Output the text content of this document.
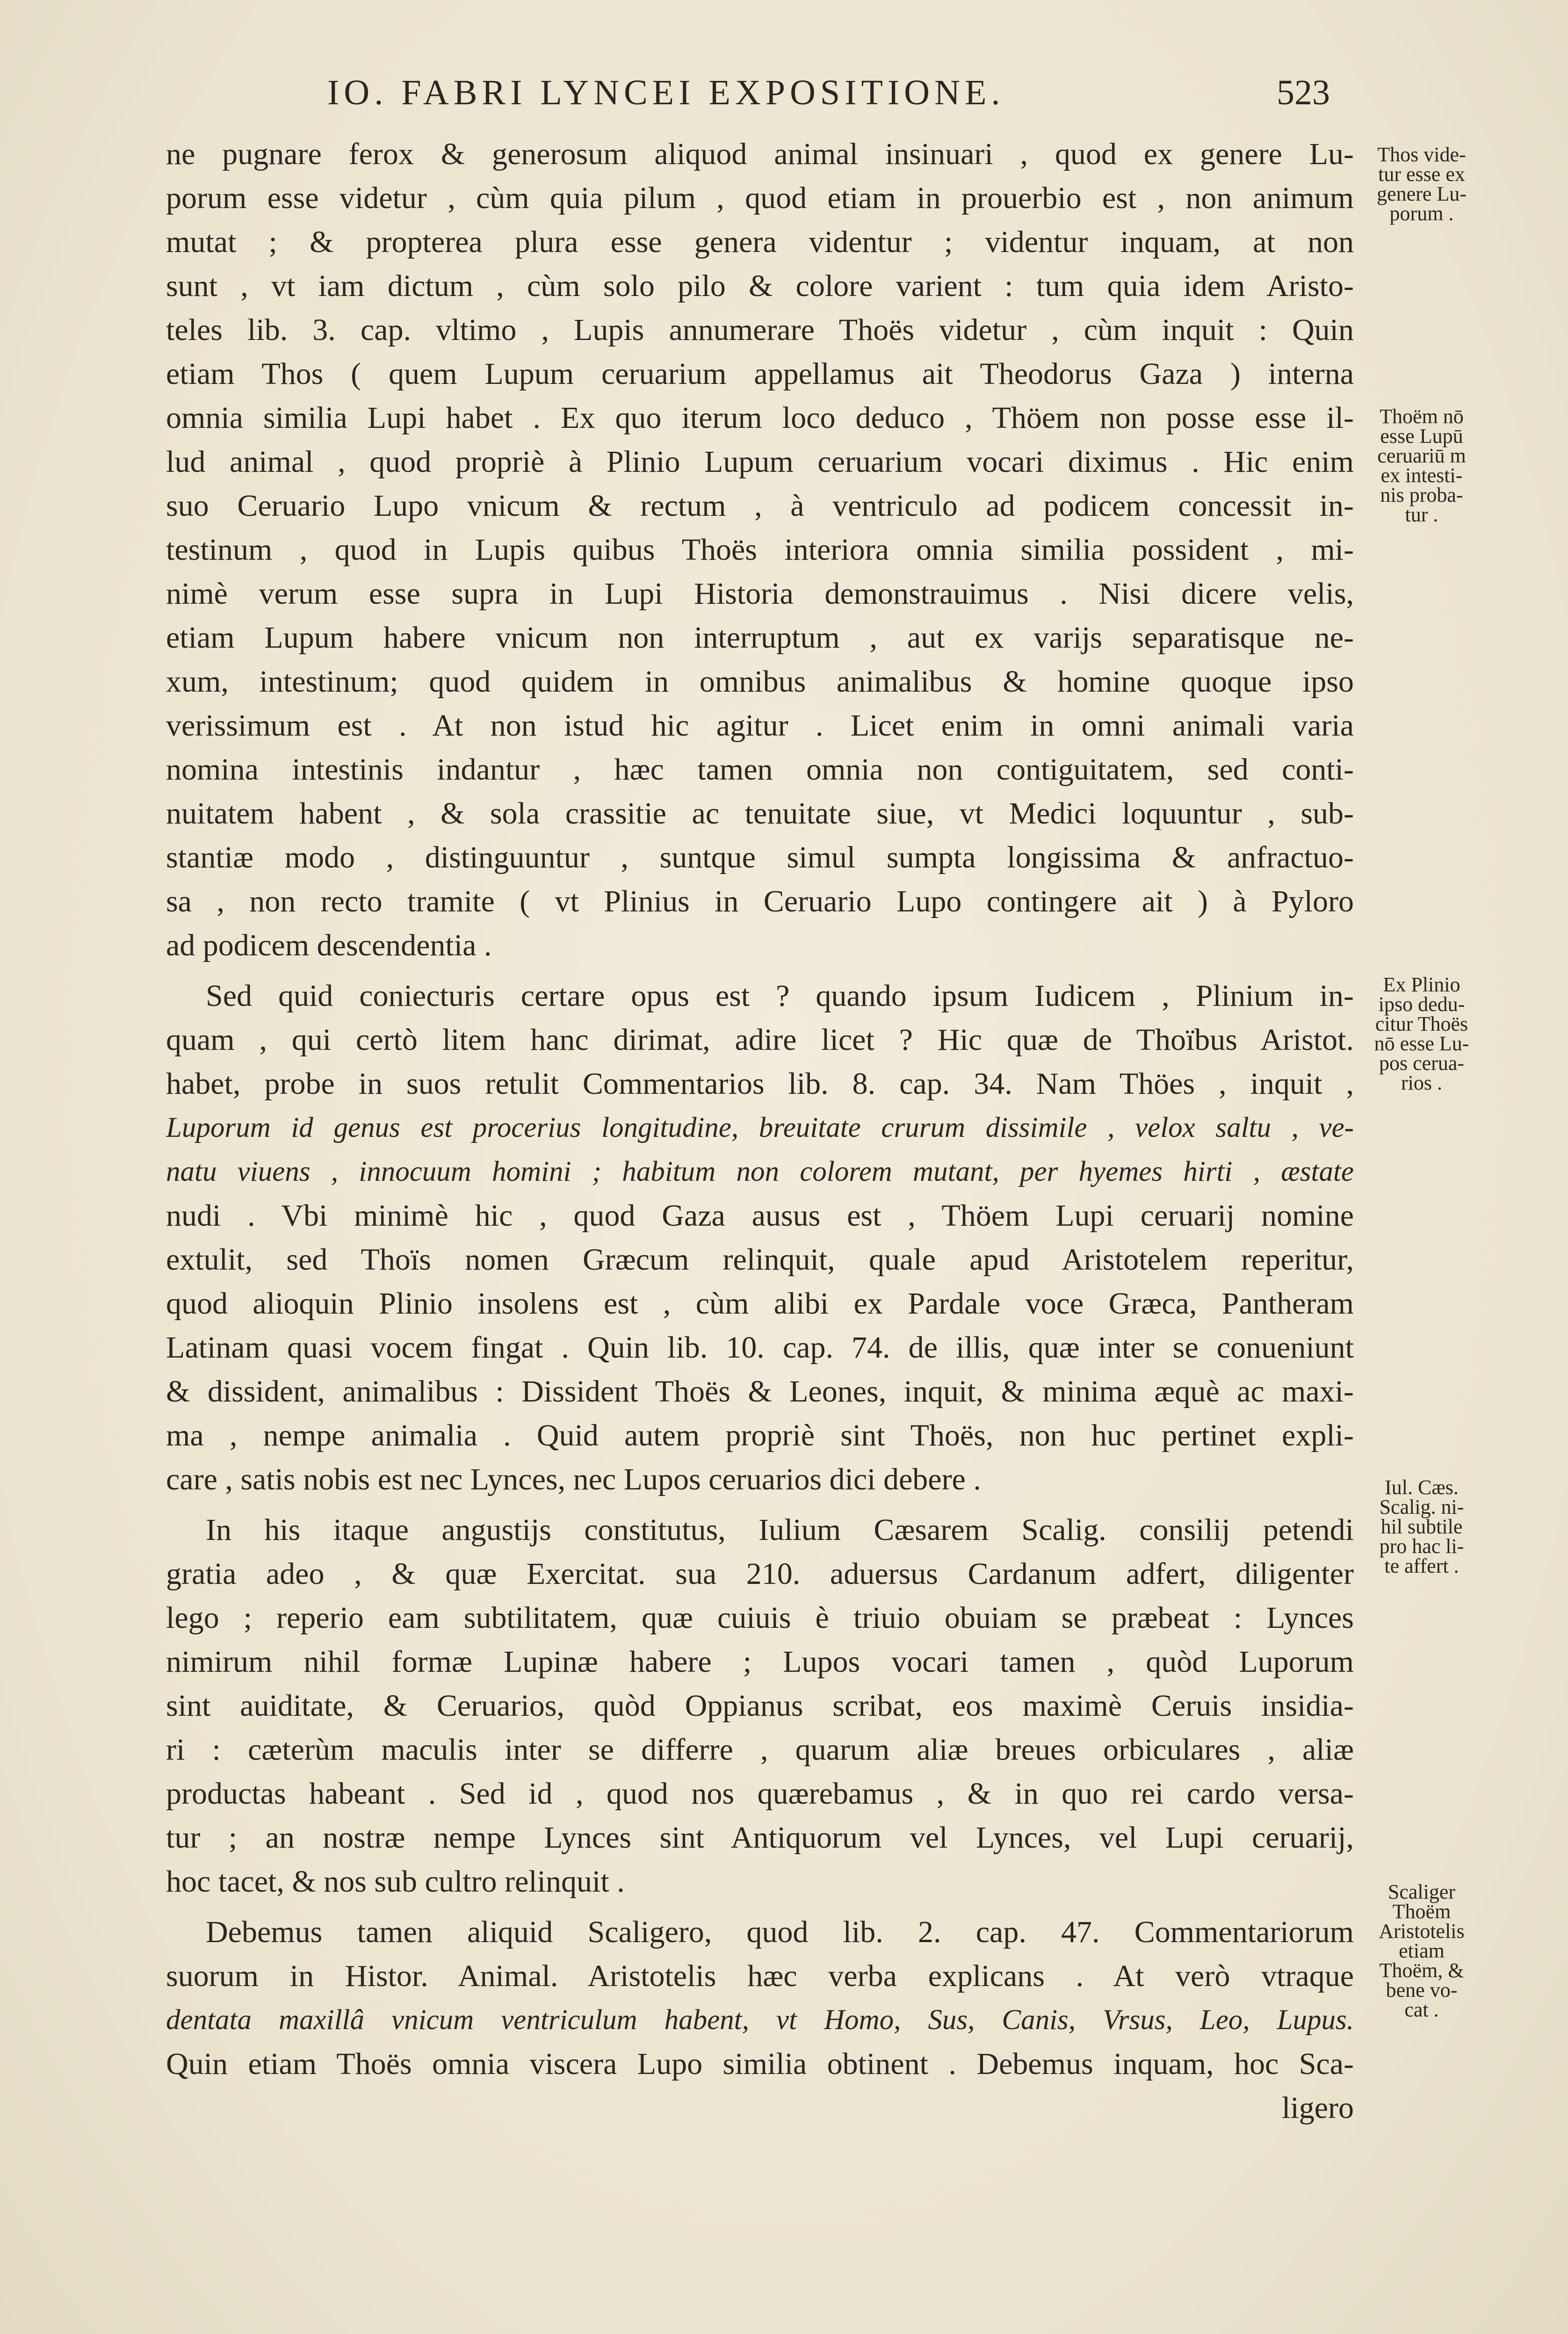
IO. FABRI LYNCEI EXPOSITIONE.	523
ne pugnare ferox & generosum aliquod animal insinuari , quod ex genere Lu-
porum esse videtur , cùm quia pilum , quod etiam in prouerbio est , non animum
mutat ; & propterea plura esse genera videntur ; videntur inquam, at non
sunt , vt iam dictum , cùm solo pilo & colore varient : tum quia idem Aristo-
teles lib. 3. cap. vltimo , Lupis annumerare Thoës videtur , cùm inquit : Quin
etiam Thos ( quem Lupum ceruarium appellamus ait Theodorus Gaza ) interna
omnia similia Lupi habet . Ex quo iterum loco deduco , Thöem non posse esse il-
lud animal , quod propriè à Plinio Lupum ceruarium vocari diximus . Hic enim
suo Ceruario Lupo vnicum & rectum , à ventriculo ad podicem concessit in-
testinum , quod in Lupis quibus Thoës interiora omnia similia possident , mi-
nimè verum esse supra in Lupi Historia demonstrauimus . Nisi dicere velis,
etiam Lupum habere vnicum non interruptum , aut ex varijs separatisque ne-
xum, intestinum; quod quidem in omnibus animalibus & homine quoque ipso
verissimum est . At non istud hic agitur . Licet enim in omni animali varia
nomina intestinis indantur , hæc tamen omnia non contiguitatem, sed conti-
nuitatem habent , & sola crassitie ac tenuitate siue, vt Medici loquuntur , sub-
stantiæ modo , distinguuntur , suntque simul sumpta longissima & anfractuo-
sa , non recto tramite ( vt Plinius in Ceruario Lupo contingere ait ) à Pyloro
ad podicem descendentia .
Sed quid coniecturis certare opus est ? quando ipsum Iudicem , Plinium in-
quam , qui certò litem hanc dirimat, adire licet ? Hic quæ de Thoïbus Aristot.
habet, probe in suos retulit Commentarios lib. 8. cap. 34. Nam Thöes , inquit ,
Luporum id genus est procerius longitudine, breuitate crurum dissimile , velox saltu , ve-
natu viuens , innocuum homini ; habitum non colorem mutant, per hyemes hirti , æstate
nudi . Vbi minimè hic , quod Gaza ausus est , Thöem Lupi ceruarij nomine
extulit, sed Thoïs nomen Græcum relinquit, quale apud Aristotelem reperitur,
quod alioquin Plinio insolens est , cùm alibi ex Pardale voce Græca, Pantheram
Latinam quasi vocem fingat . Quin lib. 10. cap. 74. de illis, quæ inter se conueniunt
& dissident, animalibus : Dissident Thoës & Leones, inquit, & minima æquè ac maxi-
ma , nempe animalia . Quid autem propriè sint Thoës, non huc pertinet expli-
care , satis nobis est nec Lynces, nec Lupos ceruarios dici debere .
In his itaque angustijs constitutus, Iulium Cæsarem Scalig. consilij petendi
gratia adeo , & quæ Exercitat. sua 210. aduersus Cardanum adfert, diligenter
lego ; reperio eam subtilitatem, quæ cuiuis è triuio obuiam se præbeat : Lynces
nimirum nihil formæ Lupinæ habere ; Lupos vocari tamen , quòd Luporum
sint auiditate, & Ceruarios, quòd Oppianus scribat, eos maximè Ceruis insidia-
ri : cæterùm maculis inter se differre , quarum aliæ breues orbiculares , aliæ
productas habeant . Sed id , quod nos quærebamus , & in quo rei cardo versa-
tur ; an nostræ nempe Lynces sint Antiquorum vel Lynces, vel Lupi ceruarij,
hoc tacet, & nos sub cultro relinquit .
Debemus tamen aliquid Scaligero, quod lib. 2. cap. 47. Commentariorum
suorum in Histor. Animal. Aristotelis hæc verba explicans . At verò vtraque
dentata maxillâ vnicum ventriculum habent, vt Homo, Sus, Canis, Vrsus, Leo, Lupus.
Quin etiam Thoës omnia viscera Lupo similia obtinent . Debemus inquam, hoc Sca-
ligero
Thos vide-
tur esse ex
genere Lu-
porum .
Thoëm nō
esse Lupū
ceruariū m
ex intesti-
nis proba-
tur .
Ex Plinio
ipso dedu-
citur Thoës
nō esse Lu-
pos cerua-
rios .
Iul. Cæs.
Scalig. ni-
hil subtile
pro hac li-
te affert .
Scaliger
Thoëm
Aristotelis
etiam
Thoëm, &
bene vo-
cat .
